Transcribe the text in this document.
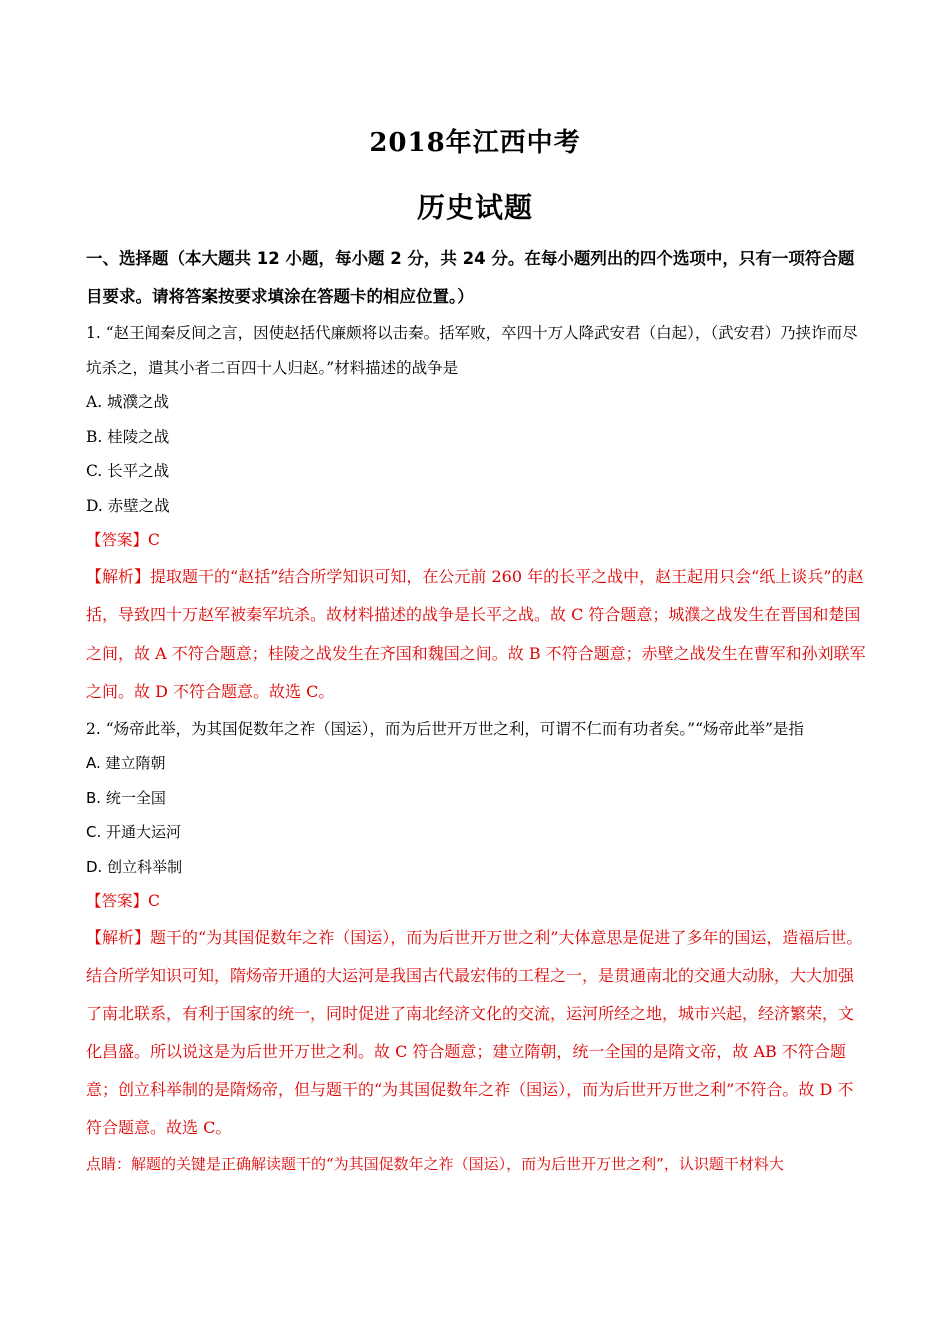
2018年江西中考
历史试题

一、选择题（本大题共 12 小题，每小题 2 分，共 24 分。在每小题列出的四个选项中，只有一项符合题目要求。请将答案按要求填涂在答题卡的相应位置。）

1. “赵王闻秦反间之言，因使赵括代廉颇将以击秦。括军败，卒四十万人降武安君（白起），（武安君）乃挟诈而尽坑杀之，遣其小者二百四十人归赵。”材料描述的战争是

A. 城濮之战
B. 桂陵之战
C. 长平之战
D. 赤壁之战

【答案】C

【解析】提取题干的“赵括”结合所学知识可知，在公元前 260 年的长平之战中，赵王起用只会“纸上谈兵”的赵括，导致四十万赵军被秦军坑杀。故材料描述的战争是长平之战。故 C 符合题意；城濮之战发生在晋国和楚国之间，故 A 不符合题意；桂陵之战发生在齐国和魏国之间。故 B 不符合题意；赤壁之战发生在曹军和孙刘联军之间。故 D 不符合题意。故选 C。

2. “炀帝此举，为其国促数年之祚（国运），而为后世开万世之利，可谓不仁而有功者矣。”“炀帝此举”是指

A. 建立隋朝
B. 统一全国
C. 开通大运河
D. 创立科举制

【答案】C

【解析】题干的“为其国促数年之祚（国运），而为后世开万世之利”大体意思是促进了多年的国运，造福后世。结合所学知识可知，隋炀帝开通的大运河是我国古代最宏伟的工程之一，是贯通南北的交通大动脉，大大加强了南北联系，有利于国家的统一，同时促进了南北经济文化的交流，运河所经之地，城市兴起，经济繁荣，文化昌盛。所以说这是为后世开万世之利。故 C 符合题意；建立隋朝，统一全国的是隋文帝，故 AB 不符合题意；创立科举制的是隋炀帝，但与题干的“为其国促数年之祚（国运），而为后世开万世之利”不符合。故 D 不符合题意。故选 C。

点睛：解题的关键是正确解读题干的“为其国促数年之祚（国运），而为后世开万世之利”，认识题干材料大
